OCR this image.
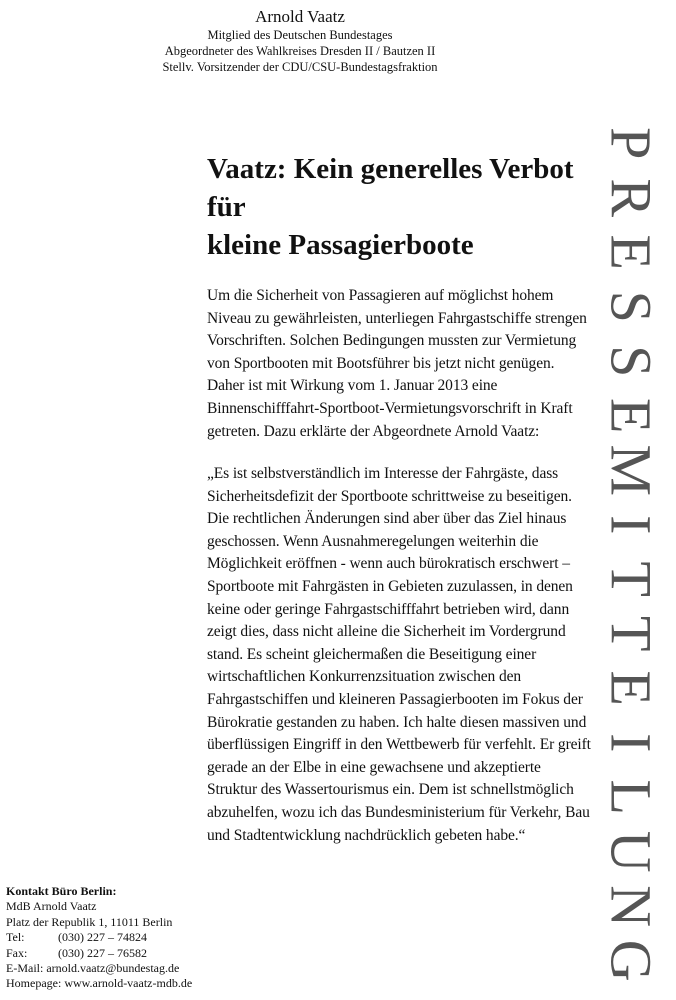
Arnold Vaatz
Mitglied des Deutschen Bundestages
Abgeordneter des Wahlkreises Dresden II / Bautzen II
Stellv. Vorsitzender der CDU/CSU-Bundestagsfraktion
Vaatz: Kein generelles Verbot für
kleine Passagierboote
P
R
E
S
S
E
M
I
T
T
E
I
L
U
N
G

Um die Sicherheit von Passagieren auf möglichst hohem Niveau zu gewährleisten, unterliegen Fahrgastschiffe strengen Vorschriften. Solchen Bedingungen mussten zur Vermietung von Sportbooten mit Bootsführer bis jetzt nicht genügen. Daher ist mit Wirkung vom 1. Januar 2013 eine Binnenschifffahrt-Sportboot-Vermietungsvorschrift in Kraft getreten. Dazu erklärte der Abgeordnete Arnold Vaatz:

„Es ist selbstverständlich im Interesse der Fahrgäste, dass Sicherheitsdefizit der Sportboote schrittweise zu beseitigen. Die rechtlichen Änderungen sind aber über das Ziel hinaus geschossen. Wenn Ausnahmeregelungen weiterhin die Möglichkeit eröffnen - wenn auch bürokratisch erschwert – Sportboote mit Fahrgästen in Gebieten zuzulassen, in denen keine oder geringe Fahrgastschifffahrt betrieben wird, dann zeigt dies, dass nicht alleine die Sicherheit im Vordergrund stand. Es scheint gleichermaßen die Beseitigung einer wirtschaftlichen Konkurrenzsituation zwischen den Fahrgastschiffen und kleineren Passagierbooten im Fokus der Bürokratie gestanden zu haben. Ich halte diesen massiven und überflüssigen Eingriff in den Wettbewerb für verfehlt. Er greift gerade an der Elbe in eine gewachsene und akzeptierte Struktur des Wassertourismus ein. Dem ist schnellstmöglich abzuhelfen, wozu ich das Bundesministerium für Verkehr, Bau und Stadtentwicklung nachdrücklich gebeten habe.“

Kontakt Büro Berlin:
MdB Arnold Vaatz
Platz der Republik 1, 11011 Berlin
Tel:	(030) 227 – 74824
Fax:	(030) 227 – 76582
E-Mail: arnold.vaatz@bundestag.de
Homepage: www.arnold-vaatz-mdb.de
